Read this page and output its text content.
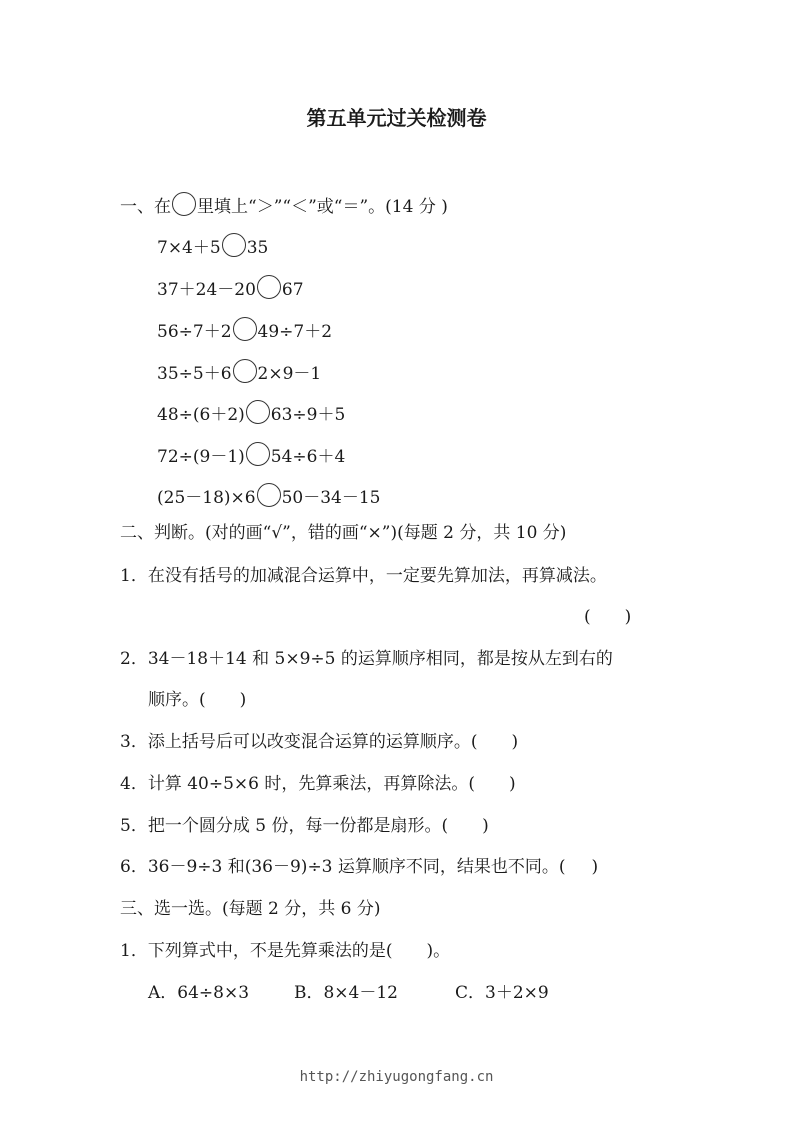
第五单元过关检测卷
一、在 里填上“＞”“＜”或“＝”。(14 分 )
7×4＋5 35
37＋24－20 67
56÷7＋2 49÷7＋2
35÷5＋6 2×9－1
48÷(6＋2) 63÷9＋5
72÷(9－1) 54÷6＋4
(25－18)×6 50－34－15
二、判断。(对的画“√”，错的画“×”)(每题 2 分，共 10 分)
1．在没有括号的加减混合运算中，一定要先算加法，再算减法。
(　　)
2．34－18＋14 和 5×9÷5 的运算顺序相同，都是按从左到右的
顺序。(　　)
3．添上括号后可以改变混合运算的运算顺序。(　　)
4．计算 40÷5×6 时，先算乘法，再算除法。(　　)
5．把一个圆分成 5 份，每一份都是扇形。(　　)
6．36－9÷3 和(36－9)÷3 运算顺序不同，结果也不同。( )
三、选一选。(每题 2 分，共 6 分)
1．下列算式中，不是先算乘法的是(　　)。
A．64÷8×3	B．8×4－12	C．3＋2×9
http://zhiyugongfang.cn
